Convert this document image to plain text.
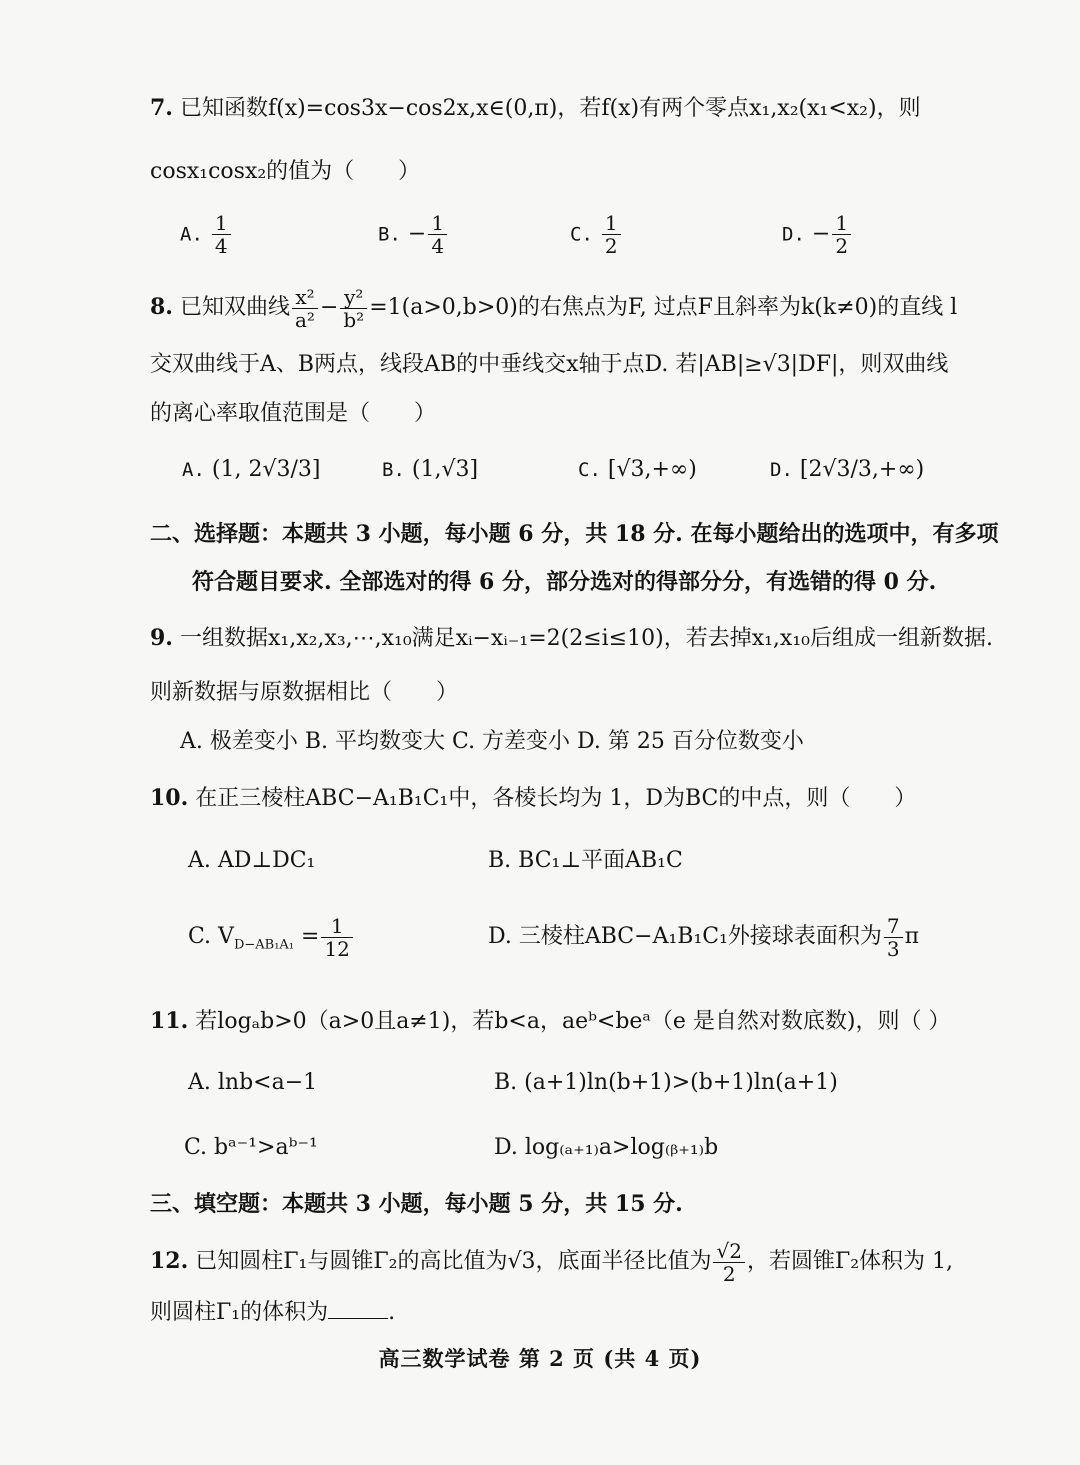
7. 已知函数f(x)=cos3x−cos2x,x∈(0,π)，若f(x)有两个零点x₁,x₂(x₁<x₂)，则
cosx₁cosx₂的值为（　　）
A. $\frac{1}{4}$	B. − $\frac{1}{4}$	C. $\frac{1}{2}$	D. − $\frac{1}{2}$
8. 已知双曲线 $\frac{\text{x²}}{\text{a²}} - \frac{\text{y²}}{\text{b²}} =1(a>0,b>0)$的右焦点为F, 过点F且斜率为k(k≠0)的直线 l
交双曲线于A、B两点，线段AB的中垂线交x轴于点D. 若|AB|≥√3|DF|，则双曲线
的离心率取值范围是（　　）
A. (1, 2√3/3]	B. (1,√3]	C. [√3,+∞)	D. [2√3/3,+∞)
二、选择题：本题共 3 小题，每小题 6 分，共 18 分. 在每小题给出的选项中，有多项
符合题目要求. 全部选对的得 6 分，部分选对的得部分分，有选错的得 0 分.
9. 一组数据x₁,x₂,x₃,⋯,x₁₀满足xᵢ−xᵢ₋₁=2(2≤i≤10)，若去掉x₁,x₁₀后组成一组新数据.
则新数据与原数据相比（　　）
A. 极差变小 B. 平均数变大 C. 方差变小 D. 第 25 百分位数变小
10. 在正三棱柱ABC−A₁B₁C₁中，各棱长均为 1，D为BC的中点，则（　　）
A. AD⊥DC₁	B. BC₁⊥平面AB₁C
C. $V_{D-AB_1A_1} = \frac{1}{12}$	D. 三棱柱ABC−A₁B₁C₁外接球表面积为 $\frac{7}{3}$ π
11. 若logₐb>0（a>0且a≠1)，若b<a，aeᵇ<beᵃ（e 是自然对数底数)，则（ ）
A. lnb<a−1	B. (a+1)ln(b+1)>(b+1)ln(a+1)
C. bᵃ⁻¹>aᵇ⁻¹	D. log₍ₐ₊₁₎a>log₍ᵦ₊₁₎b
三、填空题：本题共 3 小题，每小题 5 分，共 15 分.
12. 已知圆柱Γ₁与圆锥Γ₂的高比值为√3，底面半径比值为 $\frac{√2}{2}$ ，若圆锥Γ₂体积为 1,
则圆柱Γ₁的体积为	.
高三数学试卷 第 2 页 (共 4 页)
